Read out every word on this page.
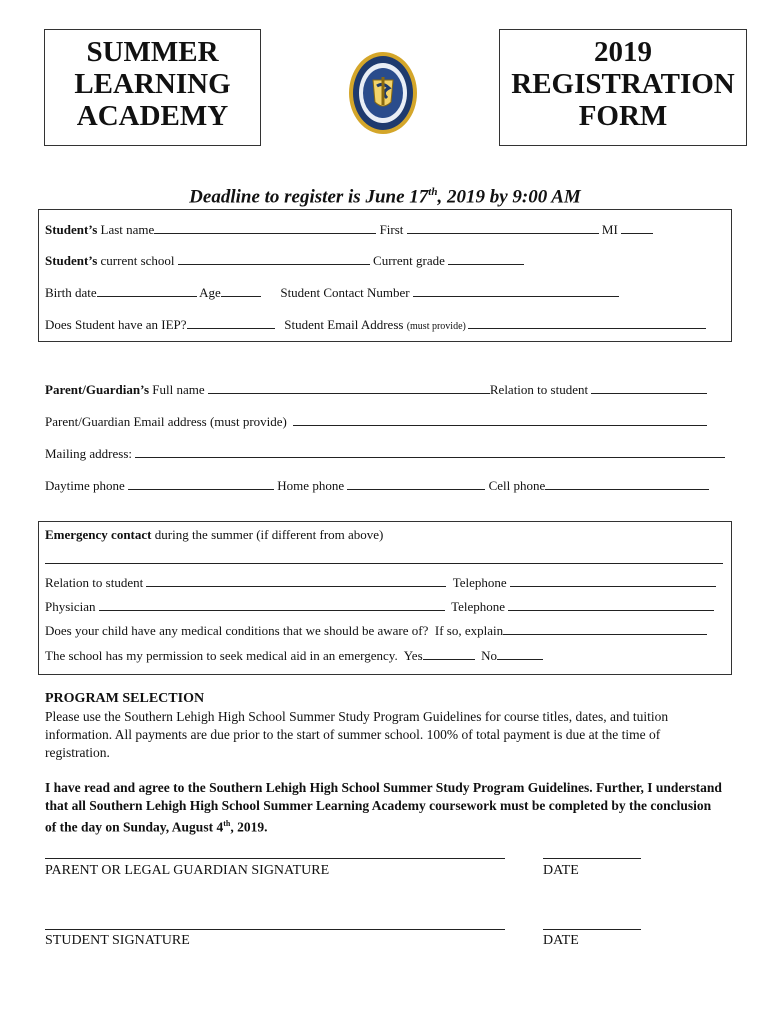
SUMMER
LEARNING
ACADEMY
2019
REGISTRATION
FORM
Deadline to register is June 17th, 2019 by 9:00 AM
Student’s Last name	First	MI
Student’s current school	Current grade
Birth date	Age	Student Contact Number
Does Student have an IEP?	Student Email Address (must provide)
Parent/Guardian’s Full name	Relation to student
Parent/Guardian Email address (must provide)
Mailing address:
Daytime phone	Home phone	Cell phone
Emergency contact during the summer (if different from above)
Relation to student	Telephone
Physician	Telephone
Does your child have any medical conditions that we should be aware of?  If so, explain
The school has my permission to seek medical aid in an emergency.  Yes	No
PROGRAM SELECTION
Please use the Southern Lehigh High School Summer Study Program Guidelines for course titles, dates, and tuition information. All payments are due prior to the start of summer school. 100% of total payment is due at the time of registration.
I have read and agree to the Southern Lehigh High School Summer Study Program Guidelines. Further, I understand that all Southern Lehigh High School Summer Learning Academy coursework must be completed by the conclusion of the day on Sunday, August 4th, 2019.
PARENT OR LEGAL GUARDIAN SIGNATURE	DATE
STUDENT SIGNATURE	DATE
